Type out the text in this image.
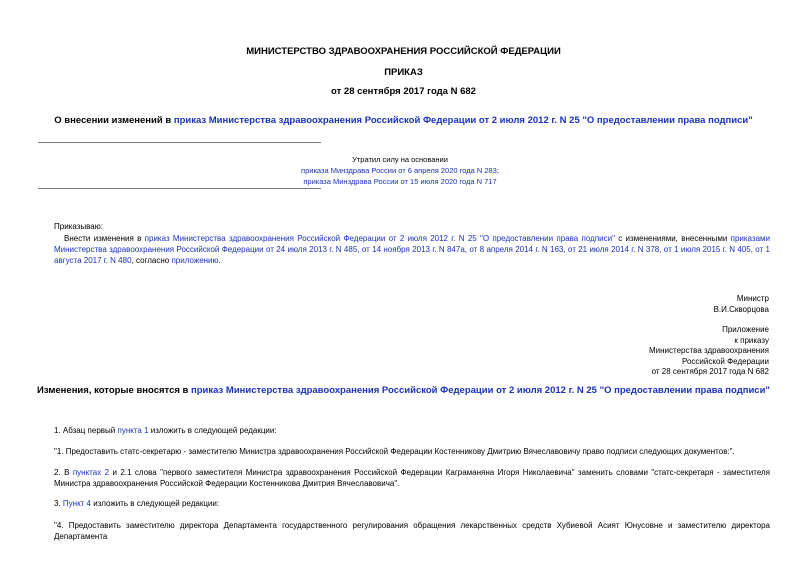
МИНИСТЕРСТВО ЗДРАВООХРАНЕНИЯ РОССИЙСКОЙ ФЕДЕРАЦИИ
ПРИКАЗ
от 28 сентября 2017 года N 682
О внесении изменений в приказ Министерства здравоохранения Российской Федерации от 2 июля 2012 г. N 25 "О предоставлении права подписи"
Утратил силу на основании
приказа Минздрава России от 6 апреля 2020 года N 283;
приказа Минздрава России от 15 июля 2020 года N 717
Приказываю:
Внести изменения в приказ Министерства здравоохранения Российской Федерации от 2 июля 2012 г. N 25 "О предоставлении права подписи" с изменениями, внесенными приказами Министерства здравоохранения Российской Федерации от 24 июля 2013 г. N 485, от 14 ноября 2013 г. N 847а, от 8 апреля 2014 г. N 163, от 21 июля 2014 г. N 378, от 1 июля 2015 г. N 405, от 1 августа 2017 г. N 480, согласно приложению.
Министр
В.И.Скворцова
Приложение
к приказу
Министерства здравоохранения
Российской Федерации
от 28 сентября 2017 года N 682
Изменения, которые вносятся в приказ Министерства здравоохранения Российской Федерации от 2 июля 2012 г. N 25 "О предоставлении права подписи"
1. Абзац первый пункта 1 изложить в следующей редакции:
"1. Предоставить статс-секретарю - заместителю Министра здравоохранения Российской Федерации Костенникову Дмитрию Вячеславовичу право подписи следующих документов:".
2. В пунктах 2 и 2.1 слова "первого заместителя Министра здравоохранения Российской Федерации Каграманяна Игоря Николаевича" заменить словами "статс-секретаря - заместителя Министра здравоохранения Российской Федерации Костенникова Дмитрия Вячеславовича".
3. Пункт 4 изложить в следующей редакции:
"4. Предоставить заместителю директора Департамента государственного регулирования обращения лекарственных средств Хубиевой Асият Юнусовне и заместителю директора Департамента
